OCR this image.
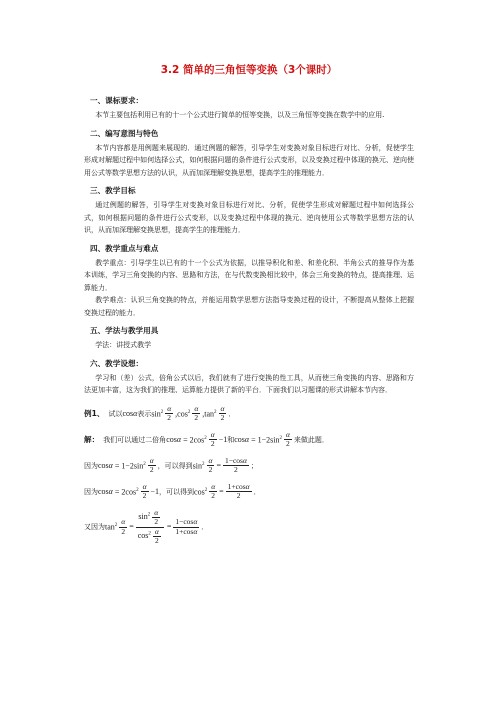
3.2 简单的三角恒等变换（3个课时）
一、课标要求：

本节主要包括利用已有的十一个公式进行简单的恒等变换，以及三角恒等变换在数学中的应用.

二、编写意图与特色

本节内容都是用例题来展现的．通过例题的解答，引导学生对变换对象目标进行对比、分析，促使学生形成对解题过程中如何选择公式，如何根据问题的条件进行公式变形，以及变换过程中体现的换元、逆向使用公式等数学思想方法的认识，从而加深理解变换思想，提高学生的推理能力．

三、教学目标

通过例题的解答，引导学生对变换对象目标进行对比、分析，促使学生形成对解题过程中如何选择公式，如何根据问题的条件进行公式变形，以及变换过程中体现的换元、逆向使用公式等数学思想方法的认识，从而加深理解变换思想，提高学生的推理能力．

四、教学重点与难点

教学重点：引导学生以已有的十一个公式为依据，以推导积化和差、和差化积、半角公式的推导作为基本训练，学习三角变换的内容、思路和方法，在与代数变换相比较中，体会三角变换的特点，提高推理、运算能力．

教学难点：认识三角变换的特点，并能运用数学思想方法指导变换过程的设计，不断提高从整体上把握变换过程的能力．

五、学法与教学用具

学法：讲授式教学

六、教学设想：

学习和（差）公式，倍角公式以后，我们就有了进行变换的性工具，从而使三角变换的内容、思路和方法更加丰富，这为我们的推理、运算能力提供了新的平台．下面我们以习题课的形式讲解本节内容．

例1、 试以 cos α 表示 $\sin^2 \frac{\alpha}{2} ,\cos^2 \frac{\alpha}{2} ,\tan^2 \frac{\alpha}{2}$ ．
解： 我们可以通过二倍角 $\cos \alpha = 2\cos^2 \frac{\alpha}{2} -1$ 和 $\cos \alpha = 1-2\sin^2 \frac{\alpha}{2}$ 来做此题．
因为 $\cos \alpha = 1-2\sin^2 \frac{\alpha}{2}$ ，可以得到 $\sin^2 \frac{\alpha}{2} = \frac{1-\cos\alpha}{2}$ ；
因为 $\cos \alpha = 2\cos^2 \frac{\alpha}{2} -1$ ，可以得到 $\cos^2 \frac{\alpha}{2} = \frac{1+\cos\alpha}{2}$ ．
又因为 $\tan^2 \frac{\alpha}{2} = \frac{\sin^2 \frac{\alpha}{2}}{\cos^2 \frac{\alpha}{2}} = \frac{1-\cos\alpha}{1+\cos\alpha}$ ．
